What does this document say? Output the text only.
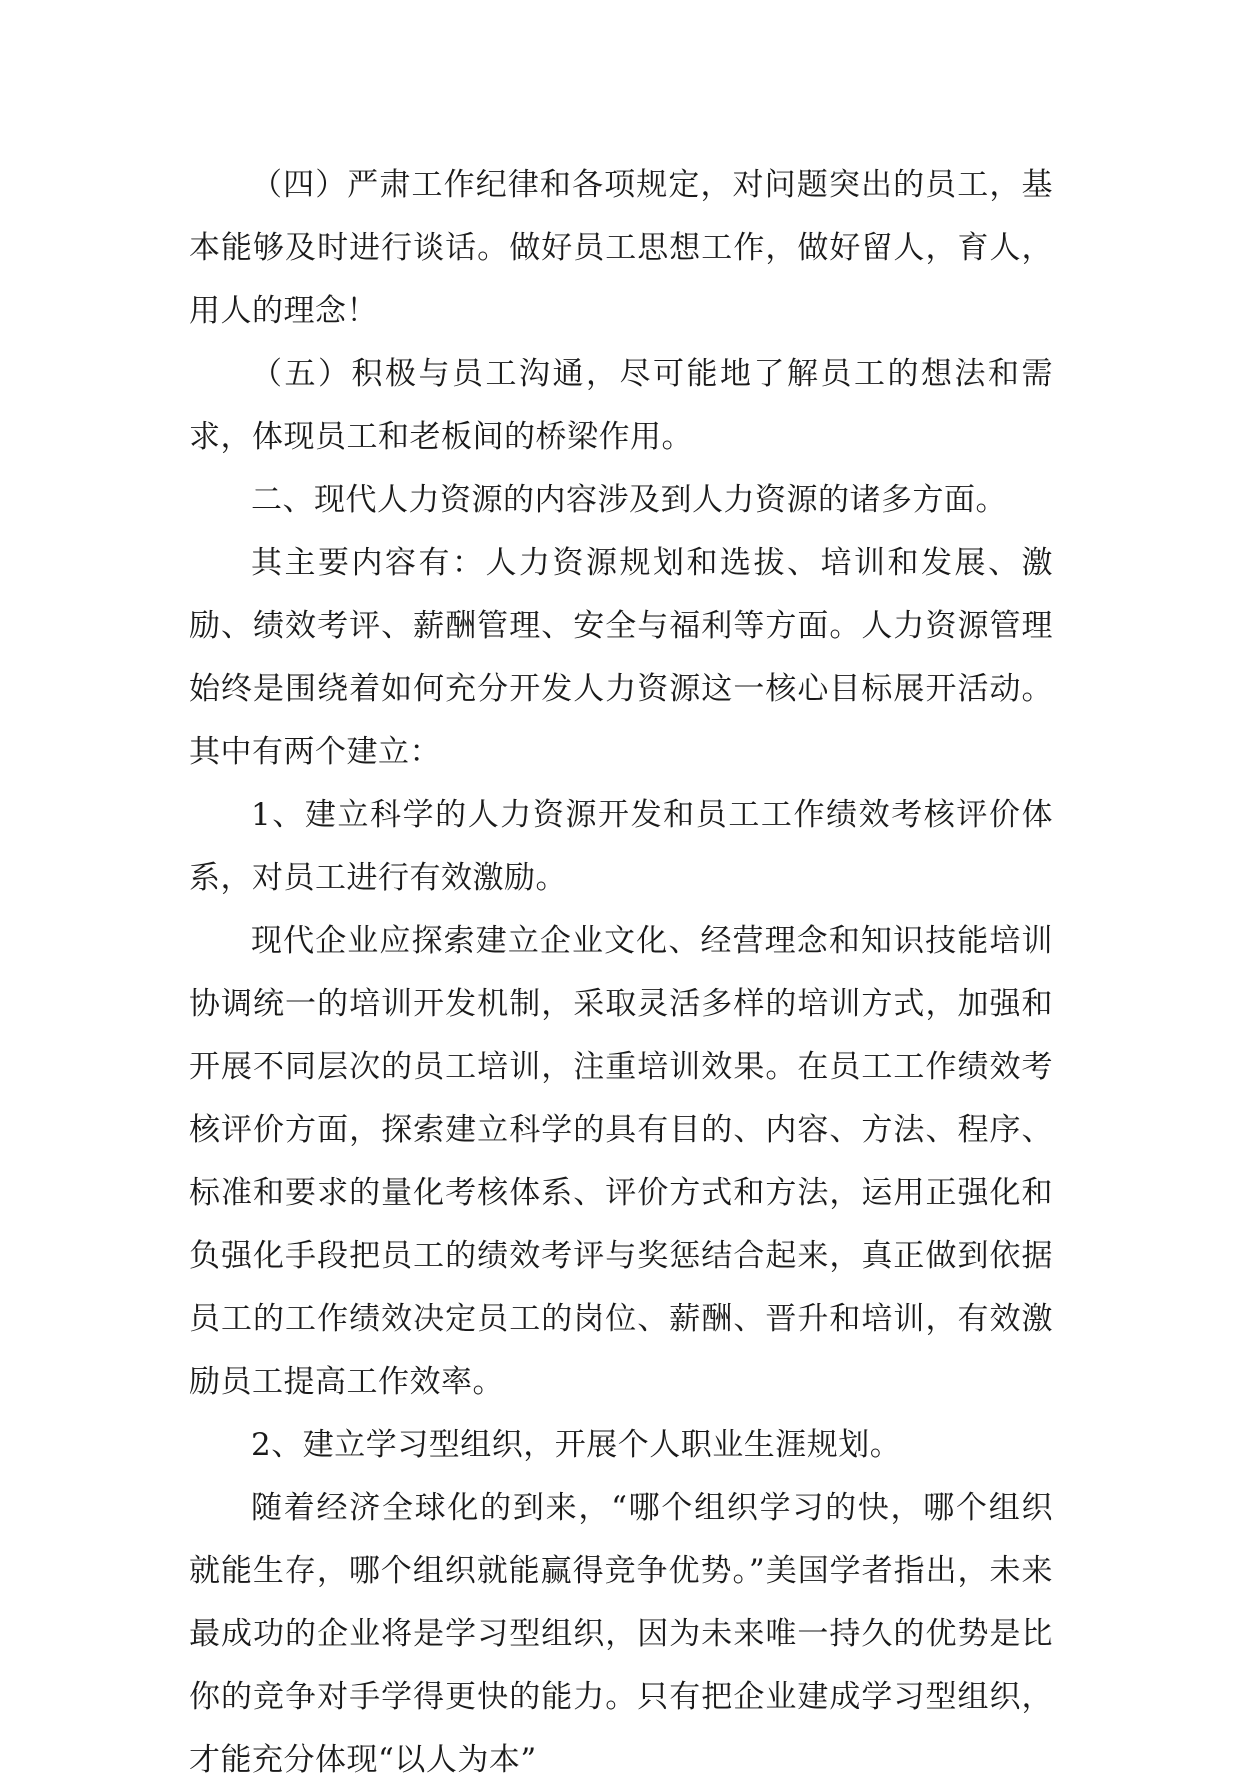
（四）严肃工作纪律和各项规定，对问题突出的员工，基本能够及时进行谈话。做好员工思想工作，做好留人，育人，用人的理念！

（五）积极与员工沟通，尽可能地了解员工的想法和需求，体现员工和老板间的桥梁作用。

二、现代人力资源的内容涉及到人力资源的诸多方面。

其主要内容有：人力资源规划和选拔、培训和发展、激励、绩效考评、薪酬管理、安全与福利等方面。人力资源管理始终是围绕着如何充分开发人力资源这一核心目标展开活动。其中有两个建立：

1、建立科学的人力资源开发和员工工作绩效考核评价体系，对员工进行有效激励。

现代企业应探索建立企业文化、经营理念和知识技能培训协调统一的培训开发机制，采取灵活多样的培训方式，加强和开展不同层次的员工培训，注重培训效果。在员工工作绩效考核评价方面，探索建立科学的具有目的、内容、方法、程序、标准和要求的量化考核体系、评价方式和方法，运用正强化和负强化手段把员工的绩效考评与奖惩结合起来，真正做到依据员工的工作绩效决定员工的岗位、薪酬、晋升和培训，有效激励员工提高工作效率。

2、建立学习型组织，开展个人职业生涯规划。

随着经济全球化的到来，“哪个组织学习的快，哪个组织就能生存，哪个组织就能赢得竞争优势。”美国学者指出，未来最成功的企业将是学习型组织，因为未来唯一持久的优势是比你的竞争对手学得更快的能力。只有把企业建成学习型组织，才能充分体现“以人为本”
